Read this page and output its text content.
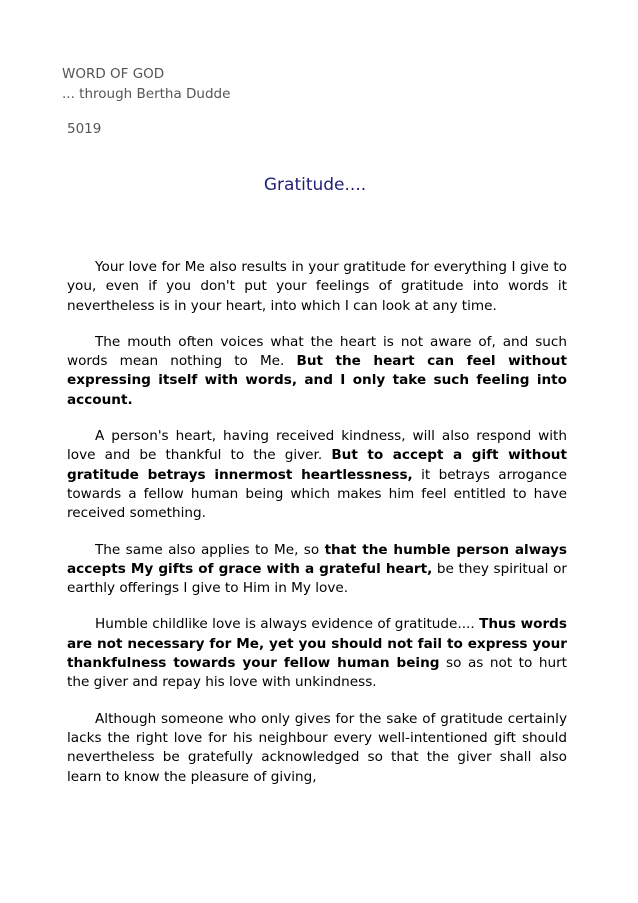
WORD OF GOD
... through Bertha Dudde
5019
Gratitude....

Your love for Me also results in your gratitude for everything I give to you, even if you don't put your feelings of gratitude into words it nevertheless is in your heart, into which I can look at any time.

The mouth often voices what the heart is not aware of, and such words mean nothing to Me. But the heart can feel without expressing itself with words, and I only take such feeling into account.

A person's heart, having received kindness, will also respond with love and be thankful to the giver. But to accept a gift without gratitude betrays innermost heartlessness, it betrays arrogance towards a fellow human being which makes him feel entitled to have received something.

The same also applies to Me, so that the humble person always accepts My gifts of grace with a grateful heart, be they spiritual or earthly offerings I give to Him in My love.

Humble childlike love is always evidence of gratitude.... Thus words are not necessary for Me, yet you should not fail to express your thankfulness towards your fellow human being so as not to hurt the giver and repay his love with unkindness.

Although someone who only gives for the sake of gratitude certainly lacks the right love for his neighbour every well-intentioned gift should nevertheless be gratefully acknowledged so that the giver shall also learn to know the pleasure of giving,
